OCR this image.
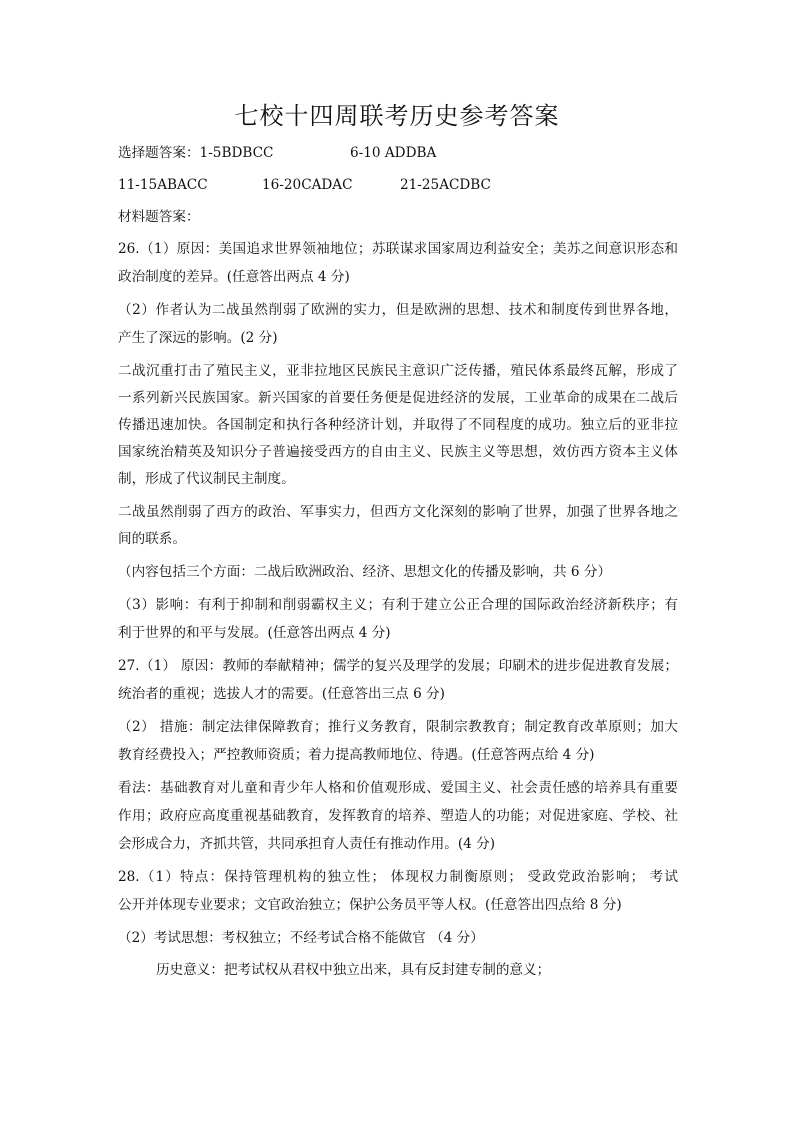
七校十四周联考历史参考答案
选择题答案：1-5BDBCC	6-10 ADDBA
11-15ABACC	16-20CADAC	21-25ACDBC
材料题答案：
26.（1）原因：美国追求世界领袖地位；苏联谋求国家周边利益安全；美苏之间意识形态和
政治制度的差异。(任意答出两点 4 分)
（2）作者认为二战虽然削弱了欧洲的实力，但是欧洲的思想、技术和制度传到世界各地，
产生了深远的影响。(2 分)
二战沉重打击了殖民主义，亚非拉地区民族民主意识广泛传播，殖民体系最终瓦解，形成了
一系列新兴民族国家。新兴国家的首要任务便是促进经济的发展，工业革命的成果在二战后
传播迅速加快。各国制定和执行各种经济计划，并取得了不同程度的成功。独立后的亚非拉
国家统治精英及知识分子普遍接受西方的自由主义、民族主义等思想，效仿西方资本主义体
制，形成了代议制民主制度。
二战虽然削弱了西方的政治、军事实力，但西方文化深刻的影响了世界，加强了世界各地之
间的联系。
（内容包括三个方面：二战后欧洲政治、经济、思想文化的传播及影响，共 6 分）
（3）影响：有利于抑制和削弱霸权主义；有利于建立公正合理的国际政治经济新秩序；有
利于世界的和平与发展。(任意答出两点 4 分)
27.（1） 原因：教师的奉献精神；儒学的复兴及理学的发展；印刷术的进步促进教育发展；
统治者的重视；选拔人才的需要。(任意答出三点 6 分)
（2） 措施：制定法律保障教育；推行义务教育，限制宗教教育；制定教育改革原则；加大
教育经费投入；严控教师资质；着力提高教师地位、待遇。(任意答两点给 4 分)
看法：基础教育对儿童和青少年人格和价值观形成、爱国主义、社会责任感的培养具有重要
作用；政府应高度重视基础教育，发挥教育的培养、塑造人的功能；对促进家庭、学校、社
会形成合力，齐抓共管，共同承担育人责任有推动作用。(4 分)
28.（1）特点：保持管理机构的独立性； 体现权力制衡原则； 受政党政治影响； 考试
公开并体现专业要求；文官政治独立；保护公务员平等人权。(任意答出四点给 8 分)
（2）考试思想：考权独立；不经考试合格不能做官 （4 分）
历史意义：把考试权从君权中独立出来，具有反封建专制的意义；
